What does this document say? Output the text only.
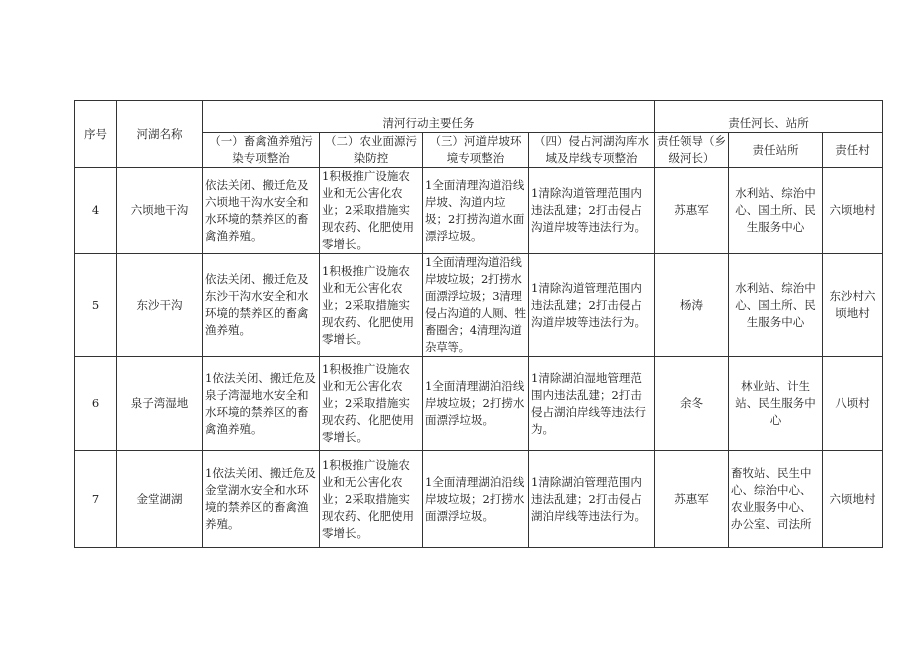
序号	河湖名称	清河行动主要任务				责任河长、站所		
		（一）畜禽渔养殖污染专项整治	（二）农业面源污染防控	（三）河道岸坡环境专项整治	（四）侵占河湖沟库水域及岸线专项整治	责任领导（乡级河长）	责任站所	责任村
4	六顷地干沟	依法关闭、搬迁危及六顷地干沟水安全和水环境的禁养区的畜禽渔养殖。	1积极推广设施农业和无公害化农业；2采取措施实现农药、化肥使用零增长。	1全面清理沟道沿线岸坡、沟道内垃圾；2打捞沟道水面漂浮垃圾。	1清除沟道管理范围内违法乱建；2打击侵占沟道岸坡等违法行为。	苏惠军	水利站、综治中心、国土所、民生服务中心	六顷地村
5	东沙干沟	依法关闭、搬迁危及东沙干沟水安全和水环境的禁养区的畜禽渔养殖。	1积极推广设施农业和无公害化农业；2采取措施实现农药、化肥使用零增长。	1全面清理沟道沿线岸坡垃圾；2打捞水面漂浮垃圾；3清理侵占沟道的人厕、牲畜圈舍；4清理沟道杂草等。	1清除沟道管理范围内违法乱建；2打击侵占沟道岸坡等违法行为。	杨涛	水利站、综治中心、国土所、民生服务中心	东沙村六顷地村
6	泉子湾湿地	1依法关闭、搬迁危及泉子湾湿地水安全和水环境的禁养区的畜禽渔养殖。	1积极推广设施农业和无公害化农业；2采取措施实现农药、化肥使用零增长。	1全面清理湖泊沿线岸坡垃圾；2打捞水面漂浮垃圾。	1清除湖泊湿地管理范围内违法乱建；2打击侵占湖泊岸线等违法行为。	余冬	林业站、计生站、民生服务中心	八顷村
7	金堂湖湖	1依法关闭、搬迁危及金堂湖水安全和水环境的禁养区的畜禽渔养殖。	1积极推广设施农业和无公害化农业；2采取措施实现农药、化肥使用零增长。	1全面清理湖泊沿线岸坡垃圾；2打捞水面漂浮垃圾。	1清除湖泊管理范围内违法乱建；2打击侵占湖泊岸线等违法行为。	苏惠军	畜牧站、民生中心、综治中心、农业服务中心、办公室、司法所	六顷地村
